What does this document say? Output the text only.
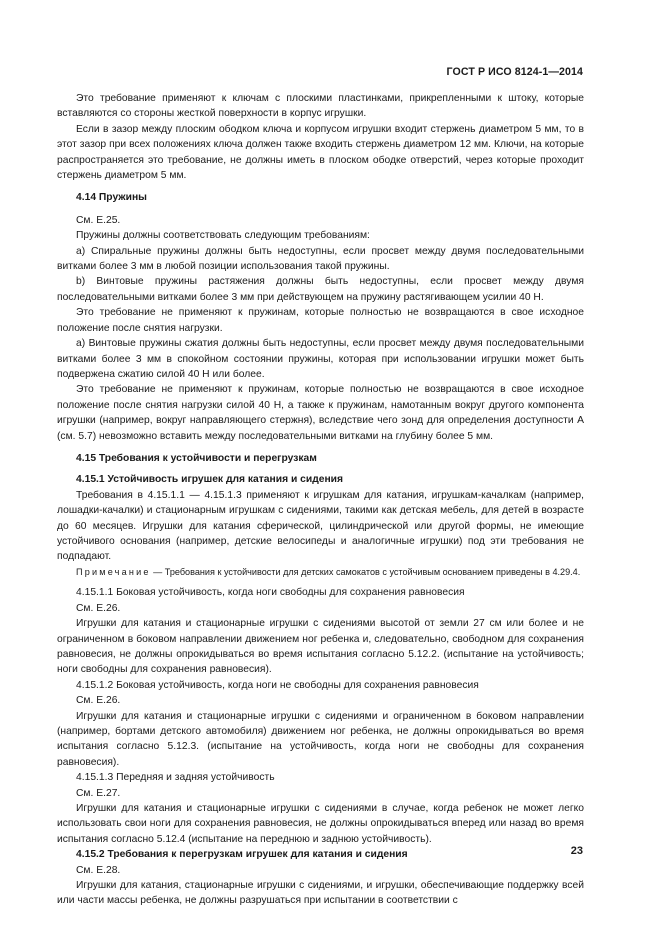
ГОСТ Р ИСО 8124-1—2014

Это требование применяют к ключам с плоскими пластинками, прикрепленными к штоку, которые вставляются со стороны жесткой поверхности в корпус игрушки.

Если в зазор между плоским ободком ключа и корпусом игрушки входит стержень диаметром 5 мм, то в этот зазор при всех положениях ключа должен также входить стержень диаметром 12 мм. Ключи, на которые распространяется это требование, не должны иметь в плоском ободке отверстий, через которые проходит стержень диаметром 5 мм.

4.14 Пружины

См. Е.25.

Пружины должны соответствовать следующим требованиям:

a) Спиральные пружины должны быть недоступны, если просвет между двумя последовательными витками более 3 мм в любой позиции использования такой пружины.

b) Винтовые пружины растяжения должны быть недоступны, если просвет между двумя последовательными витками более 3 мм при действующем на пружину растягивающем усилии 40 Н.

Это требование не применяют к пружинам, которые полностью не возвращаются в свое исходное положение после снятия нагрузки.

a) Винтовые пружины сжатия должны быть недоступны, если просвет между двумя последовательными витками более 3 мм в спокойном состоянии пружины, которая при использовании игрушки может быть подвержена сжатию силой 40 Н или более.

Это требование не применяют к пружинам, которые полностью не возвращаются в свое исходное положение после снятия нагрузки силой 40 Н, а также к пружинам, намотанным вокруг другого компонента игрушки (например, вокруг направляющего стержня), вследствие чего зонд для определения доступности А (см. 5.7) невозможно вставить между последовательными витками на глубину более 5 мм.

4.15 Требования к устойчивости и перегрузкам

4.15.1 Устойчивость игрушек для катания и сидения

Требования в 4.15.1.1 — 4.15.1.3 применяют к игрушкам для катания, игрушкам-качалкам (например, лошадки-качалки) и стационарным игрушкам с сидениями, такими как детская мебель, для детей в возрасте до 60 месяцев. Игрушки для катания сферической, цилиндрической или другой формы, не имеющие устойчивого основания (например, детские велосипеды и аналогичные игрушки) под эти требования не подпадают.

Примечание — Требования к устойчивости для детских самокатов с устойчивым основанием приведены в 4.29.4.

4.15.1.1 Боковая устойчивость, когда ноги свободны для сохранения равновесия

См. Е.26.

Игрушки для катания и стационарные игрушки с сидениями высотой от земли 27 см или более и не ограниченном в боковом направлении движением ног ребенка и, следовательно, свободном для сохранения равновесия, не должны опрокидываться во время испытания согласно 5.12.2. (испытание на устойчивость; ноги свободны для сохранения равновесия).

4.15.1.2 Боковая устойчивость, когда ноги не свободны для сохранения равновесия

См. Е.26.

Игрушки для катания и стационарные игрушки с сидениями и ограниченном в боковом направлении (например, бортами детского автомобиля) движением ног ребенка, не должны опрокидываться во время испытания согласно 5.12.3. (испытание на устойчивость, когда ноги не свободны для сохранения равновесия).

4.15.1.3 Передняя и задняя устойчивость

См. Е.27.

Игрушки для катания и стационарные игрушки с сидениями в случае, когда ребенок не может легко использовать свои ноги для сохранения равновесия, не должны опрокидываться вперед или назад во время испытания согласно 5.12.4 (испытание на переднюю и заднюю устойчивость).

4.15.2 Требования к перегрузкам игрушек для катания и сидения

См. Е.28.

Игрушки для катания, стационарные игрушки с сидениями, и игрушки, обеспечивающие поддержку всей или части массы ребенка, не должны разрушаться при испытании в соответствии с

23
